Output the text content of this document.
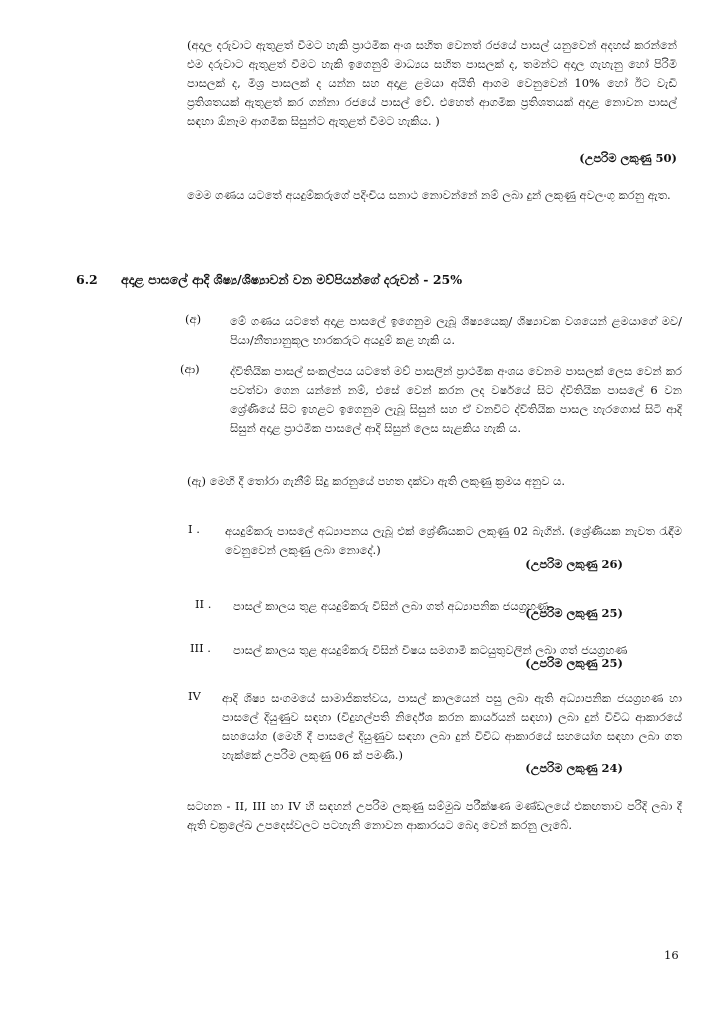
(අදාල දරුවාට ඇතුළත් වීමට හැකි ප්‍රාථමික අංශ සහිත වෙනත් රජයේ පාසල් යනුවෙන් අදහස් කරන්නේ එම දරුවාට ඇතුළත් වීමට හැකි ඉගෙනුම් මාධ්‍යය සහිත පාසලක් ද, තමන්ට අදාල ගැහැනු හෝ පිරිමි පාසලක් ද, මිශ්‍ර පාසලක් ද යන්න සහ අදාළ ළමයා අයිති ආගම වෙනුවෙන් 10% හෝ ඊට වැඩි ප්‍රතිශතයක් ඇතුළත් කර ගන්නා රජයේ පාසල් වේ. එහෙත් ආගමික ප්‍රතිශතයක් අදාළ නොවන පාසල් සඳහා ඕනෑම ආගමික සිසුන්ට ඇතුළත් වීමට හැකිය. )
(උපරිම ලකුණු 50)
මෙම ගණය යටතේ අයදුම්කරුගේ පදිංචිය සනාථ නොවන්නේ නම් ලබා දුන් ලකුණු අවලංගු කරනු ඇත.
6.2 අදාළ පාසලේ ආදි ශිෂ්‍ය/ශිෂ්‍යාවන් වන මව්පියන්ගේ දරුවන් - 25%
(අ)	මේ ගණය යටතේ අදාළ පාසලේ ඉගෙනුම ලැබූ ශිෂ්‍යයෙකු/ ශිෂ්‍යාවක වශයෙන් ළමයාගේ මව/පියා/නීත්‍යානුකූල භාරකරුට අයදුම් කළ හැකි ය.
(ආ)	ද්විතියික පාසල් සංකල්පය යටතේ මව් පාසලින් ප්‍රාථමික අංශය වෙනම පාසලක් ලෙස වෙන් කර පවත්වා ගෙන යන්නේ නම්, එසේ වෙන් කරන ලද වර්ෂයේ සිට ද්විතියික පාසලේ 6 වන ශ්‍රේණියේ සිට ඉහළට ඉගෙනුම ලැබූ සිසුන් සහ ඒ වනවිට ද්විතියික පාසල හැරගොස් සිටි ආදි සිසුන් අදාළ ප්‍රාථමික පාසලේ ආදි සිසුන් ලෙස සැළකිය හැකි ය.
(ඇ) මෙහි දී තෝරා ගැනීම් සිදු කරනුයේ පහත දක්වා ඇති ලකුණු ක්‍රමය අනුව ය.
I . අයදුම්කරු පාසලේ අධ්‍යාපනය ලැබූ එක් ශ්‍රේණියකට ලකුණු 02 බැගින්. (ශ්‍රේණියක නැවත රැඳීම වෙනුවෙන් ලකුණු ලබා නොදේ.)
(උපරිම ලකුණු 26)
II . පාසල් කාලය තුළ අයදුම්කරු විසින් ලබා ගත් අධ්‍යාපනික ජයග්‍රහණ
(උපරිම ලකුණු 25)
III . පාසල් කාලය තුළ අයදුම්කරු විසින් විෂය සමගාමී කටයුතුවලින් ලබා ගත් ජයග්‍රහණ
(උපරිම ලකුණු 25)
IV ආදි ශිෂ්‍ය සංගමයේ සාමාජිකත්වය, පාසල් කාලයෙන් පසු ලබා ඇති අධ්‍යාපනික ජයග්‍රහණ හා පාසලේ දියුණුව සඳහා (විදුහල්පති නිර්දේශ කරන කාර්යයන් සඳහා) ලබා දුන් විවිධ ආකාරයේ සහයෝග (මෙහි දී පාසලේ දියුණුව සඳහා ලබා දුන් විවිධ ආකාරයේ සහයෝග සඳහා ලබා ගත හැක්කේ උපරිම ලකුණු 06 ක් පමණි.)
(උපරිම ලකුණු 24)
සටහන - II, III හා IV හි සඳහන් උපරිම ලකුණු සම්මුඛ පරීක්ෂණ මණ්ඩලයේ එකඟතාව පරිදි ලබා දී ඇති චක්‍රලේඛ උපදෙස්වලට පටහැනි නොවන ආකාරයට බෙදා වෙන් කරනු ලැබේ.
16
